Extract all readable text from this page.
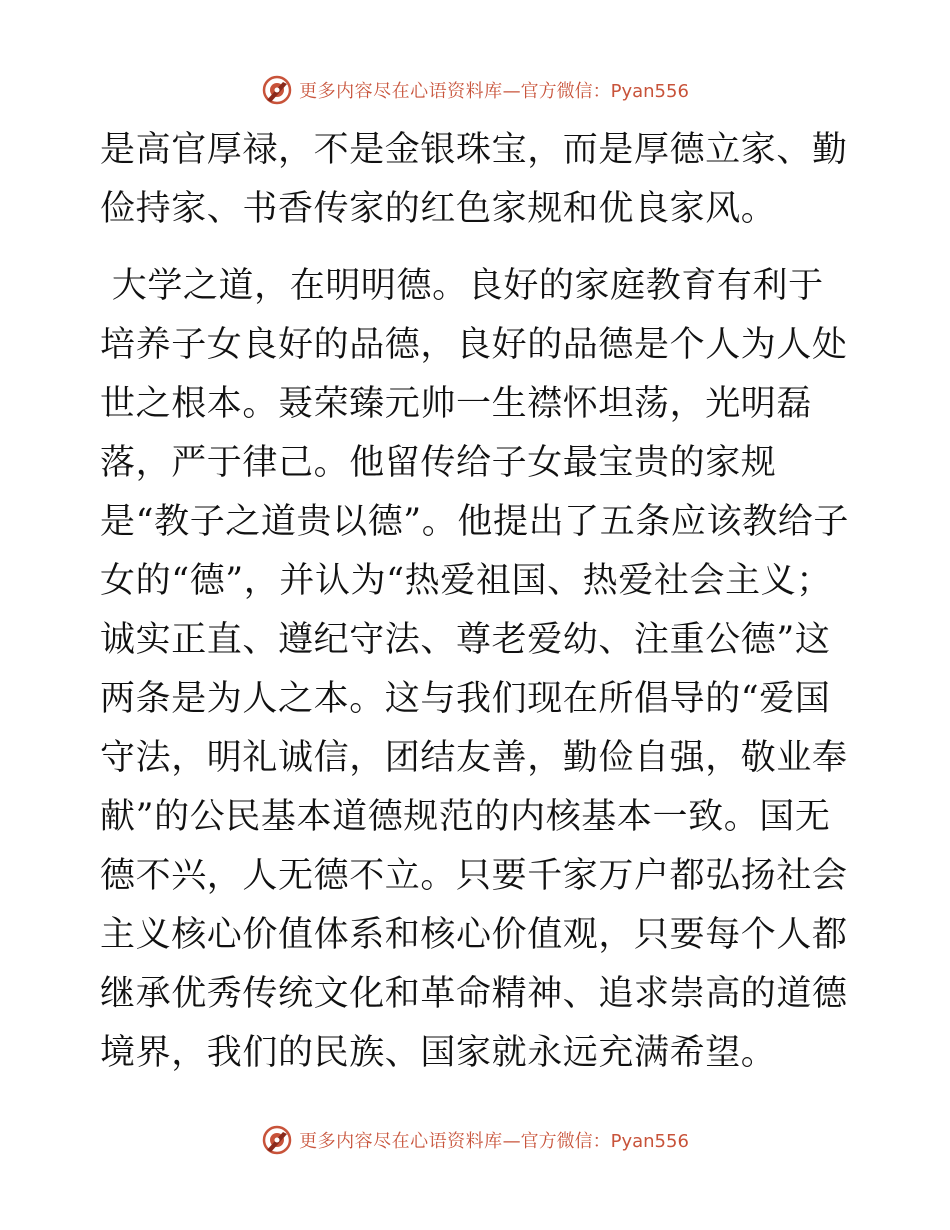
更多内容尽在心语资料库 —官方微信：Pyan556

是高官厚禄，不是金银珠宝，而是厚德立家、勤俭持家、书香传家的红色家规和优良家风。

大学之道，在明明德。良好的家庭教育有利于培养子女良好的品德，良好的品德是个人为人处世之根本。聂荣臻元帅一生襟怀坦荡，光明磊落，严于律己。他留传给子女最宝贵的家规是“教子之道贵以德”。他提出了五条应该教给子女的“德”，并认为“热爱祖国、热爱社会主义；诚实正直、遵纪守法、尊老爱幼、注重公德”这两条是为人之本。这与我们现在所倡导的“爱国守法，明礼诚信，团结友善，勤俭自强，敬业奉献”的公民基本道德规范的内核基本一致。国无德不兴，人无德不立。只要千家万户都弘扬社会主义核心价值体系和核心价值观，只要每个人都继承优秀传统文化和革命精神、追求崇高的道德境界，我们的民族、国家就永远充满希望。

更多内容尽在心语资料库 —官方微信：Pyan556
